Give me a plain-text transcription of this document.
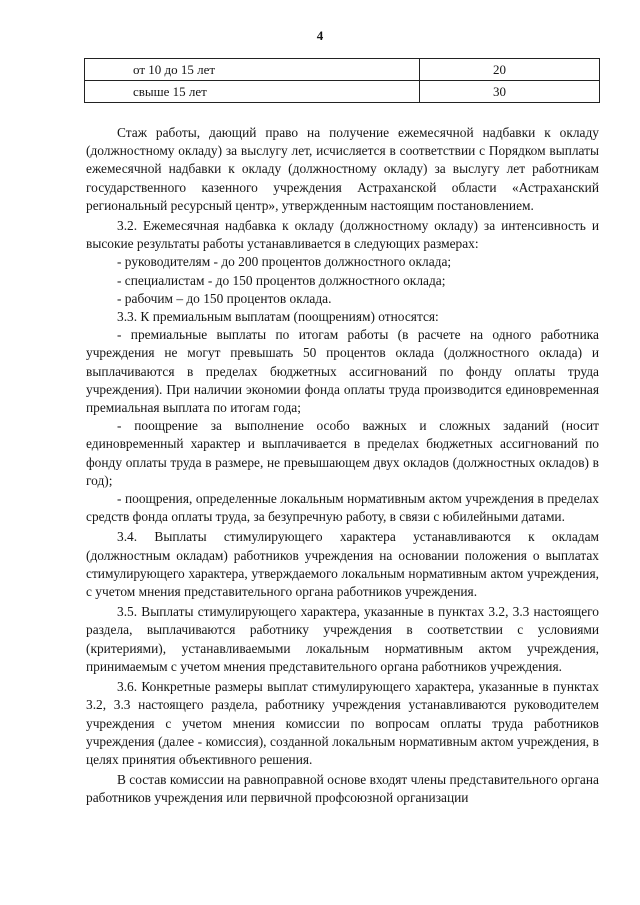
4
от 10 до 15 лет	20
свыше 15 лет	30

Стаж работы, дающий право на получение ежемесячной надбавки к окладу (должностному окладу) за выслугу лет, исчисляется в соответствии с Порядком выплаты ежемесячной надбавки к окладу (должностному окладу) за выслугу лет работникам государственного казенного учреждения Астраханской области «Астраханский региональный ресурсный центр», утвержденным настоящим постановлением.

3.2. Ежемесячная надбавка к окладу (должностному окладу) за интенсивность и высокие результаты работы устанавливается в следующих размерах:

- руководителям - до 200 процентов должностного оклада;

- специалистам - до 150 процентов должностного оклада;

- рабочим – до 150 процентов оклада.

3.3. К премиальным выплатам (поощрениям) относятся:

- премиальные выплаты по итогам работы (в расчете на одного работника учреждения не могут превышать 50 процентов оклада (должностного оклада) и выплачиваются в пределах бюджетных ассигнований по фонду оплаты труда учреждения). При наличии экономии фонда оплаты труда производится единовременная премиальная выплата по итогам года;

- поощрение за выполнение особо важных и сложных заданий (носит единовременный характер и выплачивается в пределах бюджетных ассигнований по фонду оплаты труда в размере, не превышающем двух окладов (должностных окладов) в год);

- поощрения, определенные локальным нормативным актом учреждения в пределах средств фонда оплаты труда, за безупречную работу, в связи с юбилейными датами.

3.4. Выплаты стимулирующего характера устанавливаются к окладам (должностным окладам) работников учреждения на основании положения о выплатах стимулирующего характера, утверждаемого локальным нормативным актом учреждения, с учетом мнения представительного органа работников учреждения.

3.5. Выплаты стимулирующего характера, указанные в пунктах 3.2, 3.3 настоящего раздела, выплачиваются работнику учреждения в соответствии с условиями (критериями), устанавливаемыми локальным нормативным актом учреждения, принимаемым с учетом мнения представительного органа работников учреждения.

3.6. Конкретные размеры выплат стимулирующего характера, указанные в пунктах 3.2, 3.3 настоящего раздела, работнику учреждения устанавливаются руководителем учреждения с учетом мнения комиссии по вопросам оплаты труда работников учреждения (далее - комиссия), созданной локальным нормативным актом учреждения, в целях принятия объективного решения.

В состав комиссии на равноправной основе входят члены представительного органа работников учреждения или первичной профсоюзной организации
